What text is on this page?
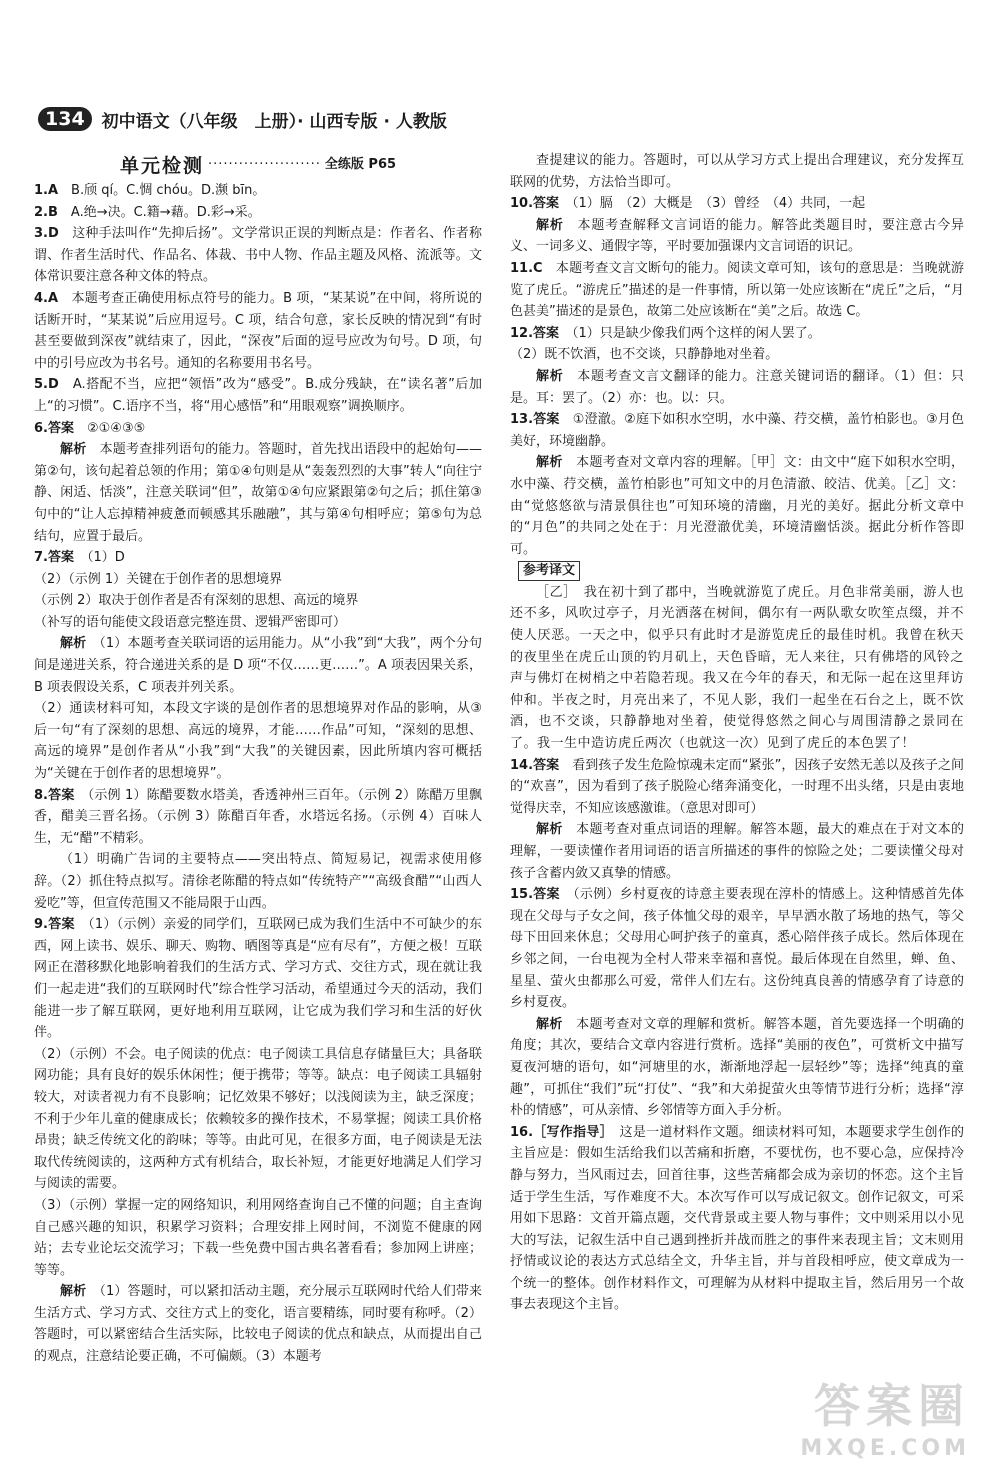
134	初中语文（八年级　上册）· 山西专版 · 人教版
单元检测 ······················ 全练版 P65

1.A　B.颀 qí。C.惆 chóu。D.濒 bīn。

2.B　A.绝→决。C.籍→藉。D.彩→采。

3.D　这种手法叫作“先抑后扬”。文学常识正误的判断点是：作者名、作者称谓、作者生活时代、作品名、体裁、书中人物、作品主题及风格、流派等。文体常识要注意各种文体的特点。

4.A　本题考查正确使用标点符号的能力。B 项，“某某说”在中间，将所说的话断开时，“某某说”后应用逗号。C 项，结合句意，家长反映的情况到“有时甚至要做到深夜”就结束了，因此，“深夜”后面的逗号应改为句号。D 项，句中的引号应改为书名号。通知的名称要用书名号。

5.D　A.搭配不当，应把“领悟”改为“感受”。B.成分残缺，在“读名著”后加上“的习惯”。C.语序不当，将“用心感悟”和“用眼观察”调换顺序。

6.答案　②①④③⑤

解析　本题考查排列语句的能力。答题时，首先找出语段中的起始句——第②句，该句起着总领的作用；第①④句则是从“轰轰烈烈的大事”转人“向往宁静、闲适、恬淡”，注意关联词“但”，故第①④句应紧跟第②句之后；抓住第③句中的“让人忘掉精神疲惫而顿感其乐融融”，其与第④句相呼应；第⑤句为总结句，应置于最后。

7.答案　（1）D

（2）（示例 1）关键在于创作者的思想境界

（示例 2）取决于创作者是否有深刻的思想、高远的境界

（补写的语句能使文段语意完整连贯、逻辑严密即可）

解析　（1）本题考查关联词语的运用能力。从“小我”到“大我”，两个分句间是递进关系，符合递进关系的是 D 项“不仅……更……”。A 项表因果关系，B 项表假设关系，C 项表并列关系。

（2）通读材料可知，本段文字谈的是创作者的思想境界对作品的影响，从③后一句“有了深刻的思想、高远的境界，才能……作品”可知，“深刻的思想、高远的境界”是创作者从“小我”到“大我”的关键因素，因此所填内容可概括为“关键在于创作者的思想境界”。

8.答案　（示例 1）陈醋要数水塔美，香透神州三百年。（示例 2）陈醋万里飘香，醋美三晋名扬。（示例 3）陈醋百年香，水塔远名扬。（示例 4）百味人生，无“醋”不精彩。

（1）明确广告词的主要特点——突出特点、简短易记，视需求使用修辞。（2）抓住特点拟写。清徐老陈醋的特点如“传统特产”“高级食醋”“山西人爱吃”等，但宣传范围又不能局限于山西。

9.答案　（1）（示例）亲爱的同学们，互联网已成为我们生活中不可缺少的东西，网上读书、娱乐、聊天、购物、晒图等真是“应有尽有”，方便之极！互联网正在潜移默化地影响着我们的生活方式、学习方式、交往方式，现在就让我们一起走进“我们的互联网时代”综合性学习活动，希望通过今天的活动，我们能进一步了解互联网，更好地利用互联网，让它成为我们学习和生活的好伙伴。

（2）（示例）不会。电子阅读的优点：电子阅读工具信息存储量巨大；具备联网功能；具有良好的娱乐休闲性；便于携带；等等。缺点：电子阅读工具辐射较大，对读者视力有不良影响；记忆效果不够好；以浅阅读为主，缺乏深度；不利于少年儿童的健康成长；依赖较多的操作技术，不易掌握；阅读工具价格昂贵；缺乏传统文化的韵味；等等。由此可见，在很多方面，电子阅读是无法取代传统阅读的，这两种方式有机结合，取长补短，才能更好地满足人们学习与阅读的需要。

（3）（示例）掌握一定的网络知识，利用网络查询自己不懂的问题；自主查询自己感兴趣的知识，积累学习资料；合理安排上网时间，不浏览不健康的网站；去专业论坛交流学习；下载一些免费中国古典名著看看；参加网上讲座；等等。

解析　（1）答题时，可以紧扣活动主题，充分展示互联网时代给人们带来生活方式、学习方式、交往方式上的变化，语言要精练，同时要有称呼。（2）答题时，可以紧密结合生活实际，比较电子阅读的优点和缺点，从而提出自己的观点，注意结论要正确，不可偏颇。（3）本题考

查提建议的能力。答题时，可以从学习方式上提出合理建议，充分发挥互联网的优势，方法恰当即可。

10.答案　（1）膈　（2）大概是　（3）曾经　（4）共同，一起

解析　本题考查解释文言词语的能力。解答此类题目时，要注意古今异义、一词多义、通假字等，平时要加强课内文言词语的识记。

11.C　本题考查文言文断句的能力。阅读文章可知，该句的意思是：当晚就游览了虎丘。“游虎丘”描述的是一件事情，所以第一处应该断在“虎丘”之后，“月色甚美”描述的是景色，故第二处应该断在“美”之后。故选 C。

12.答案　（1）只是缺少像我们两个这样的闲人罢了。

（2）既不饮酒，也不交谈，只静静地对坐着。

解析　本题考查文言文翻译的能力。注意关键词语的翻译。（1）但：只是。耳：罢了。（2）亦：也。以：只。

13.答案　①澄澈。②庭下如积水空明，水中藻、荇交横，盖竹柏影也。③月色美好，环境幽静。

解析　本题考查对文章内容的理解。［甲］文：由文中“庭下如积水空明，水中藻、荇交横，盖竹柏影也”可知文中的月色清澈、皎洁、优美。［乙］文：由“觉悠悠欲与清景俱往也”可知环境的清幽，月光的美好。据此分析文章中的“月色”的共同之处在于：月光澄澈优美，环境清幽恬淡。据此分析作答即可。

参考译文

［乙］　我在初十到了郡中，当晚就游览了虎丘。月色非常美丽，游人也还不多，风吹过亭子，月光洒落在树间，偶尔有一两队歌女吹笙点缀，并不使人厌恶。一天之中，似乎只有此时才是游览虎丘的最佳时机。我曾在秋天的夜里坐在虎丘山顶的钓月矶上，天色昏暗，无人来往，只有佛塔的风铃之声与佛灯在树梢之中若隐若现。我又在今年的春天，和无际一起在这里拜访仲和。半夜之时，月亮出来了，不见人影，我们一起坐在石台之上，既不饮酒，也不交谈，只静静地对坐着，使觉得悠然之间心与周围清静之景同在了。我一生中造访虎丘两次（也就这一次）见到了虎丘的本色罢了！

14.答案　看到孩子发生危险惊魂未定而“紧张”，因孩子安然无恙以及孩子之间的“欢喜”，因为看到了孩子脱险心绪奔涌变化，一时理不出头绪，只是由衷地觉得庆幸，不知应该感激谁。（意思对即可）

解析　本题考查对重点词语的理解。解答本题，最大的难点在于对文本的理解，一要读懂作者用词语的语言所描述的事件的惊险之处；二要读懂父母对孩子含蓄内敛又真挚的情感。

15.答案　（示例）乡村夏夜的诗意主要表现在淳朴的情感上。这种情感首先体现在父母与子女之间，孩子体恤父母的艰辛，早早洒水散了场地的热气，等父母下田回来休息；父母用心呵护孩子的童真，悉心陪伴孩子成长。然后体现在乡邻之间，一台电视为全村人带来幸福和喜悦。最后体现在自然里，蝉、鱼、星星、萤火虫都那么可爱，常伴人们左右。这份纯真良善的情感孕育了诗意的乡村夏夜。

解析　本题考查对文章的理解和赏析。解答本题，首先要选择一个明确的角度；其次，要结合文章内容进行赏析。选择“美丽的夜色”，可赏析文中描写夏夜河塘的语句，如“河塘里的水，渐渐地浮起一层轻纱”等；选择“纯真的童趣”，可抓住“我们”玩“打仗”、“我”和大弟捉萤火虫等情节进行分析；选择“淳朴的情感”，可从亲情、乡邻情等方面入手分析。

16.［写作指导］　这是一道材料作文题。细读材料可知，本题要求学生创作的主旨应是：假如生活给我们以苦痛和折磨，不要忧伤，也不要心急，应保持冷静与努力，当风雨过去，回首往事，这些苦痛都会成为亲切的怀恋。这个主旨适于学生生活，写作难度不大。本次写作可以写成记叙文。创作记叙文，可采用如下思路：文首开篇点题，交代背景或主要人物与事件；文中则采用以小见大的写法，记叙生活中自己遇到挫折并战而胜之的事件来表现主旨；文末则用抒情或议论的表达方式总结全文，升华主旨，并与首段相呼应，使文章成为一个统一的整体。创作材料作文，可理解为从材料中提取主旨，然后用另一个故事去表现这个主旨。

答案圈
MXQE.COM
